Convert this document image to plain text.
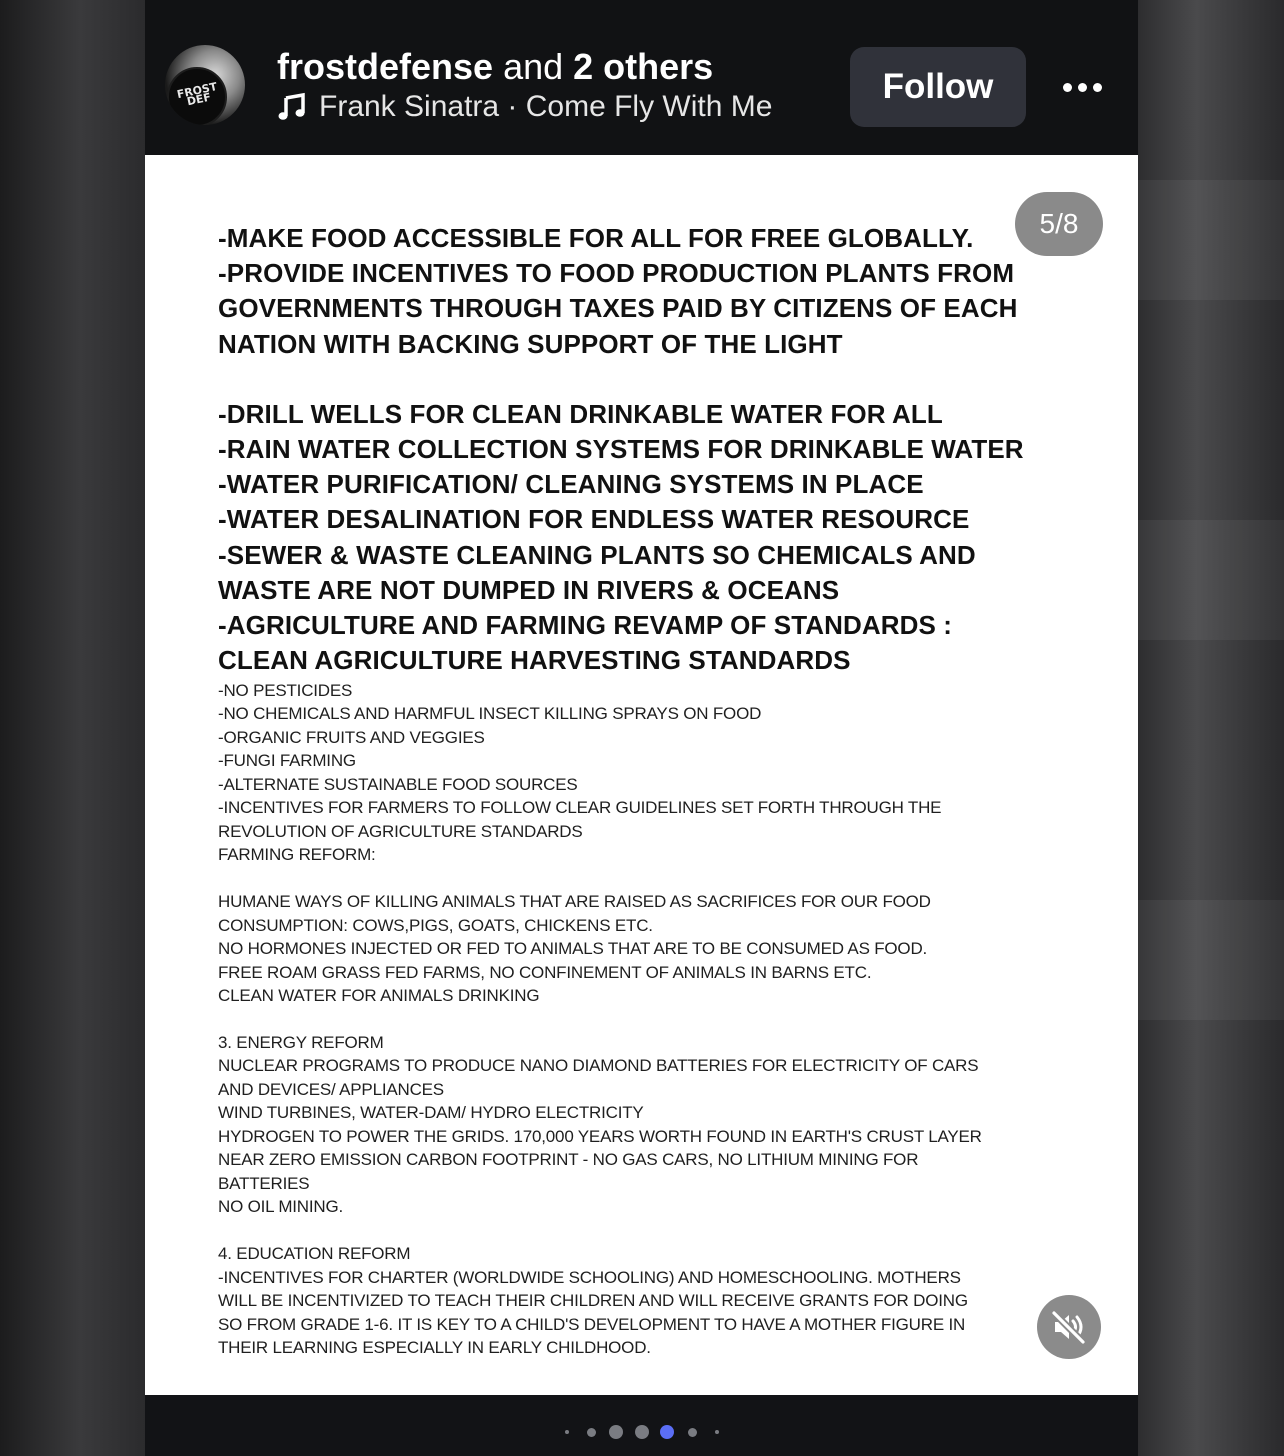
FROST DEF
frostdefense and 2 others
Frank Sinatra · Come Fly With Me
Follow
5/8
-MAKE FOOD ACCESSIBLE FOR ALL FOR FREE GLOBALLY.
-PROVIDE INCENTIVES TO FOOD PRODUCTION PLANTS FROM
GOVERNMENTS THROUGH TAXES PAID BY CITIZENS OF EACH
NATION WITH BACKING SUPPORT OF THE LIGHT
-DRILL WELLS FOR CLEAN DRINKABLE WATER FOR ALL
-RAIN WATER COLLECTION SYSTEMS FOR DRINKABLE WATER
-WATER PURIFICATION/ CLEANING SYSTEMS IN PLACE
-WATER DESALINATION FOR ENDLESS WATER RESOURCE
-SEWER & WASTE CLEANING PLANTS SO CHEMICALS AND
WASTE ARE NOT DUMPED IN RIVERS & OCEANS
-AGRICULTURE AND FARMING REVAMP OF STANDARDS :
CLEAN AGRICULTURE HARVESTING STANDARDS
-NO PESTICIDES
-NO CHEMICALS AND HARMFUL INSECT KILLING SPRAYS ON FOOD
-ORGANIC FRUITS AND VEGGIES
-FUNGI FARMING
-ALTERNATE SUSTAINABLE FOOD SOURCES
-INCENTIVES FOR FARMERS TO FOLLOW CLEAR GUIDELINES SET FORTH THROUGH THE
REVOLUTION OF AGRICULTURE STANDARDS
FARMING REFORM:
HUMANE WAYS OF KILLING ANIMALS THAT ARE RAISED AS SACRIFICES FOR OUR FOOD
CONSUMPTION: COWS,PIGS, GOATS, CHICKENS ETC.
NO HORMONES INJECTED OR FED TO ANIMALS THAT ARE TO BE CONSUMED AS FOOD.
FREE ROAM GRASS FED FARMS, NO CONFINEMENT OF ANIMALS IN BARNS ETC.
CLEAN WATER FOR ANIMALS DRINKING
3. ENERGY REFORM
NUCLEAR PROGRAMS TO PRODUCE NANO DIAMOND BATTERIES FOR ELECTRICITY OF CARS
AND DEVICES/ APPLIANCES
WIND TURBINES, WATER-DAM/ HYDRO ELECTRICITY
HYDROGEN TO POWER THE GRIDS. 170,000 YEARS WORTH FOUND IN EARTH'S CRUST LAYER
NEAR ZERO EMISSION CARBON FOOTPRINT - NO GAS CARS, NO LITHIUM MINING FOR
BATTERIES
NO OIL MINING.
4. EDUCATION REFORM
-INCENTIVES FOR CHARTER (WORLDWIDE SCHOOLING) AND HOMESCHOOLING. MOTHERS
WILL BE INCENTIVIZED TO TEACH THEIR CHILDREN AND WILL RECEIVE GRANTS FOR DOING
SO FROM GRADE 1-6. IT IS KEY TO A CHILD'S DEVELOPMENT TO HAVE A MOTHER FIGURE IN
THEIR LEARNING ESPECIALLY IN EARLY CHILDHOOD.
